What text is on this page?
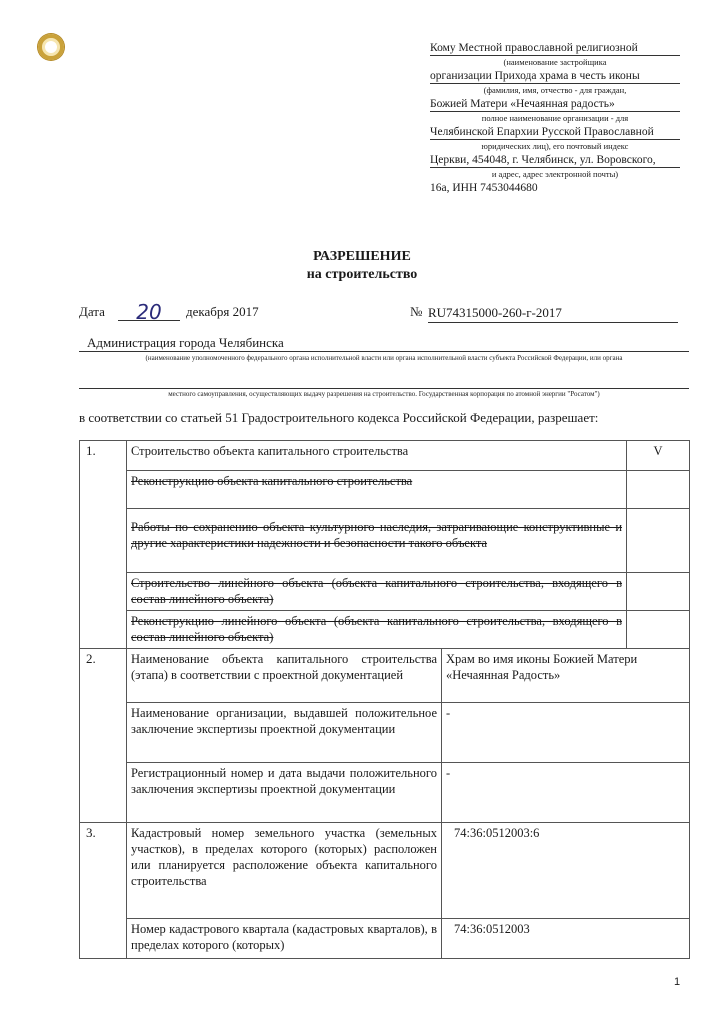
Кому Местной православной религиозной
(наименование застройщика
организации Прихода храма в честь иконы
(фамилия, имя, отчество - для граждан,
Божией Матери «Нечаянная радость»
полное наименование организации - для
Челябинской Епархии Русской Православной
юридических лиц), его почтовый индекс
Церкви, 454048, г. Челябинск, ул. Воровского,
и адрес, адрес электронной почты)
16а, ИНН 7453044680
РАЗРЕШЕНИЕ
на строительство
Дата	20	декабря 2017	№ RU74315000-260-г-2017
Администрация города Челябинска
(наименование уполномоченного федерального органа исполнительной власти или органа исполнительной власти субъекта Российской Федерации, или органа
местного самоуправления, осуществляющих выдачу разрешения на строительство. Государственная корпорация по атомной энергии "Росатом")
в соответствии со статьей 51 Градостроительного кодекса Российской Федерации, разрешает:
1.	Строительство объекта капитального строительства		V
	Реконструкцию объекта капитального строительства		
	Работы по сохранению объекта культурного наследия, затрагивающие конструктивные и другие характеристики надежности и безопасности такого объекта		
	Строительство линейного объекта (объекта капитального строительства, входящего в состав линейного объекта)		
	Реконструкцию линейного объекта (объекта капитального строительства, входящего в состав линейного объекта)		
2.	Наименование объекта капитального строительства (этапа) в соответствии с проектной документацией	Храм во имя иконы Божией Матери «Нечаянная Радость»	
	Наименование организации, выдавшей положительное заключение экспертизы проектной документации	-	
	Регистрационный номер и дата выдачи положительного заключения экспертизы проектной документации	-	
3.	Кадастровый номер земельного участка (земельных участков), в пределах которого (которых) расположен или планируется расположение объекта капитального строительства	74:36:0512003:6	
	Номер кадастрового квартала (кадастровых кварталов), в пределах которого (которых)	74:36:0512003	
1
